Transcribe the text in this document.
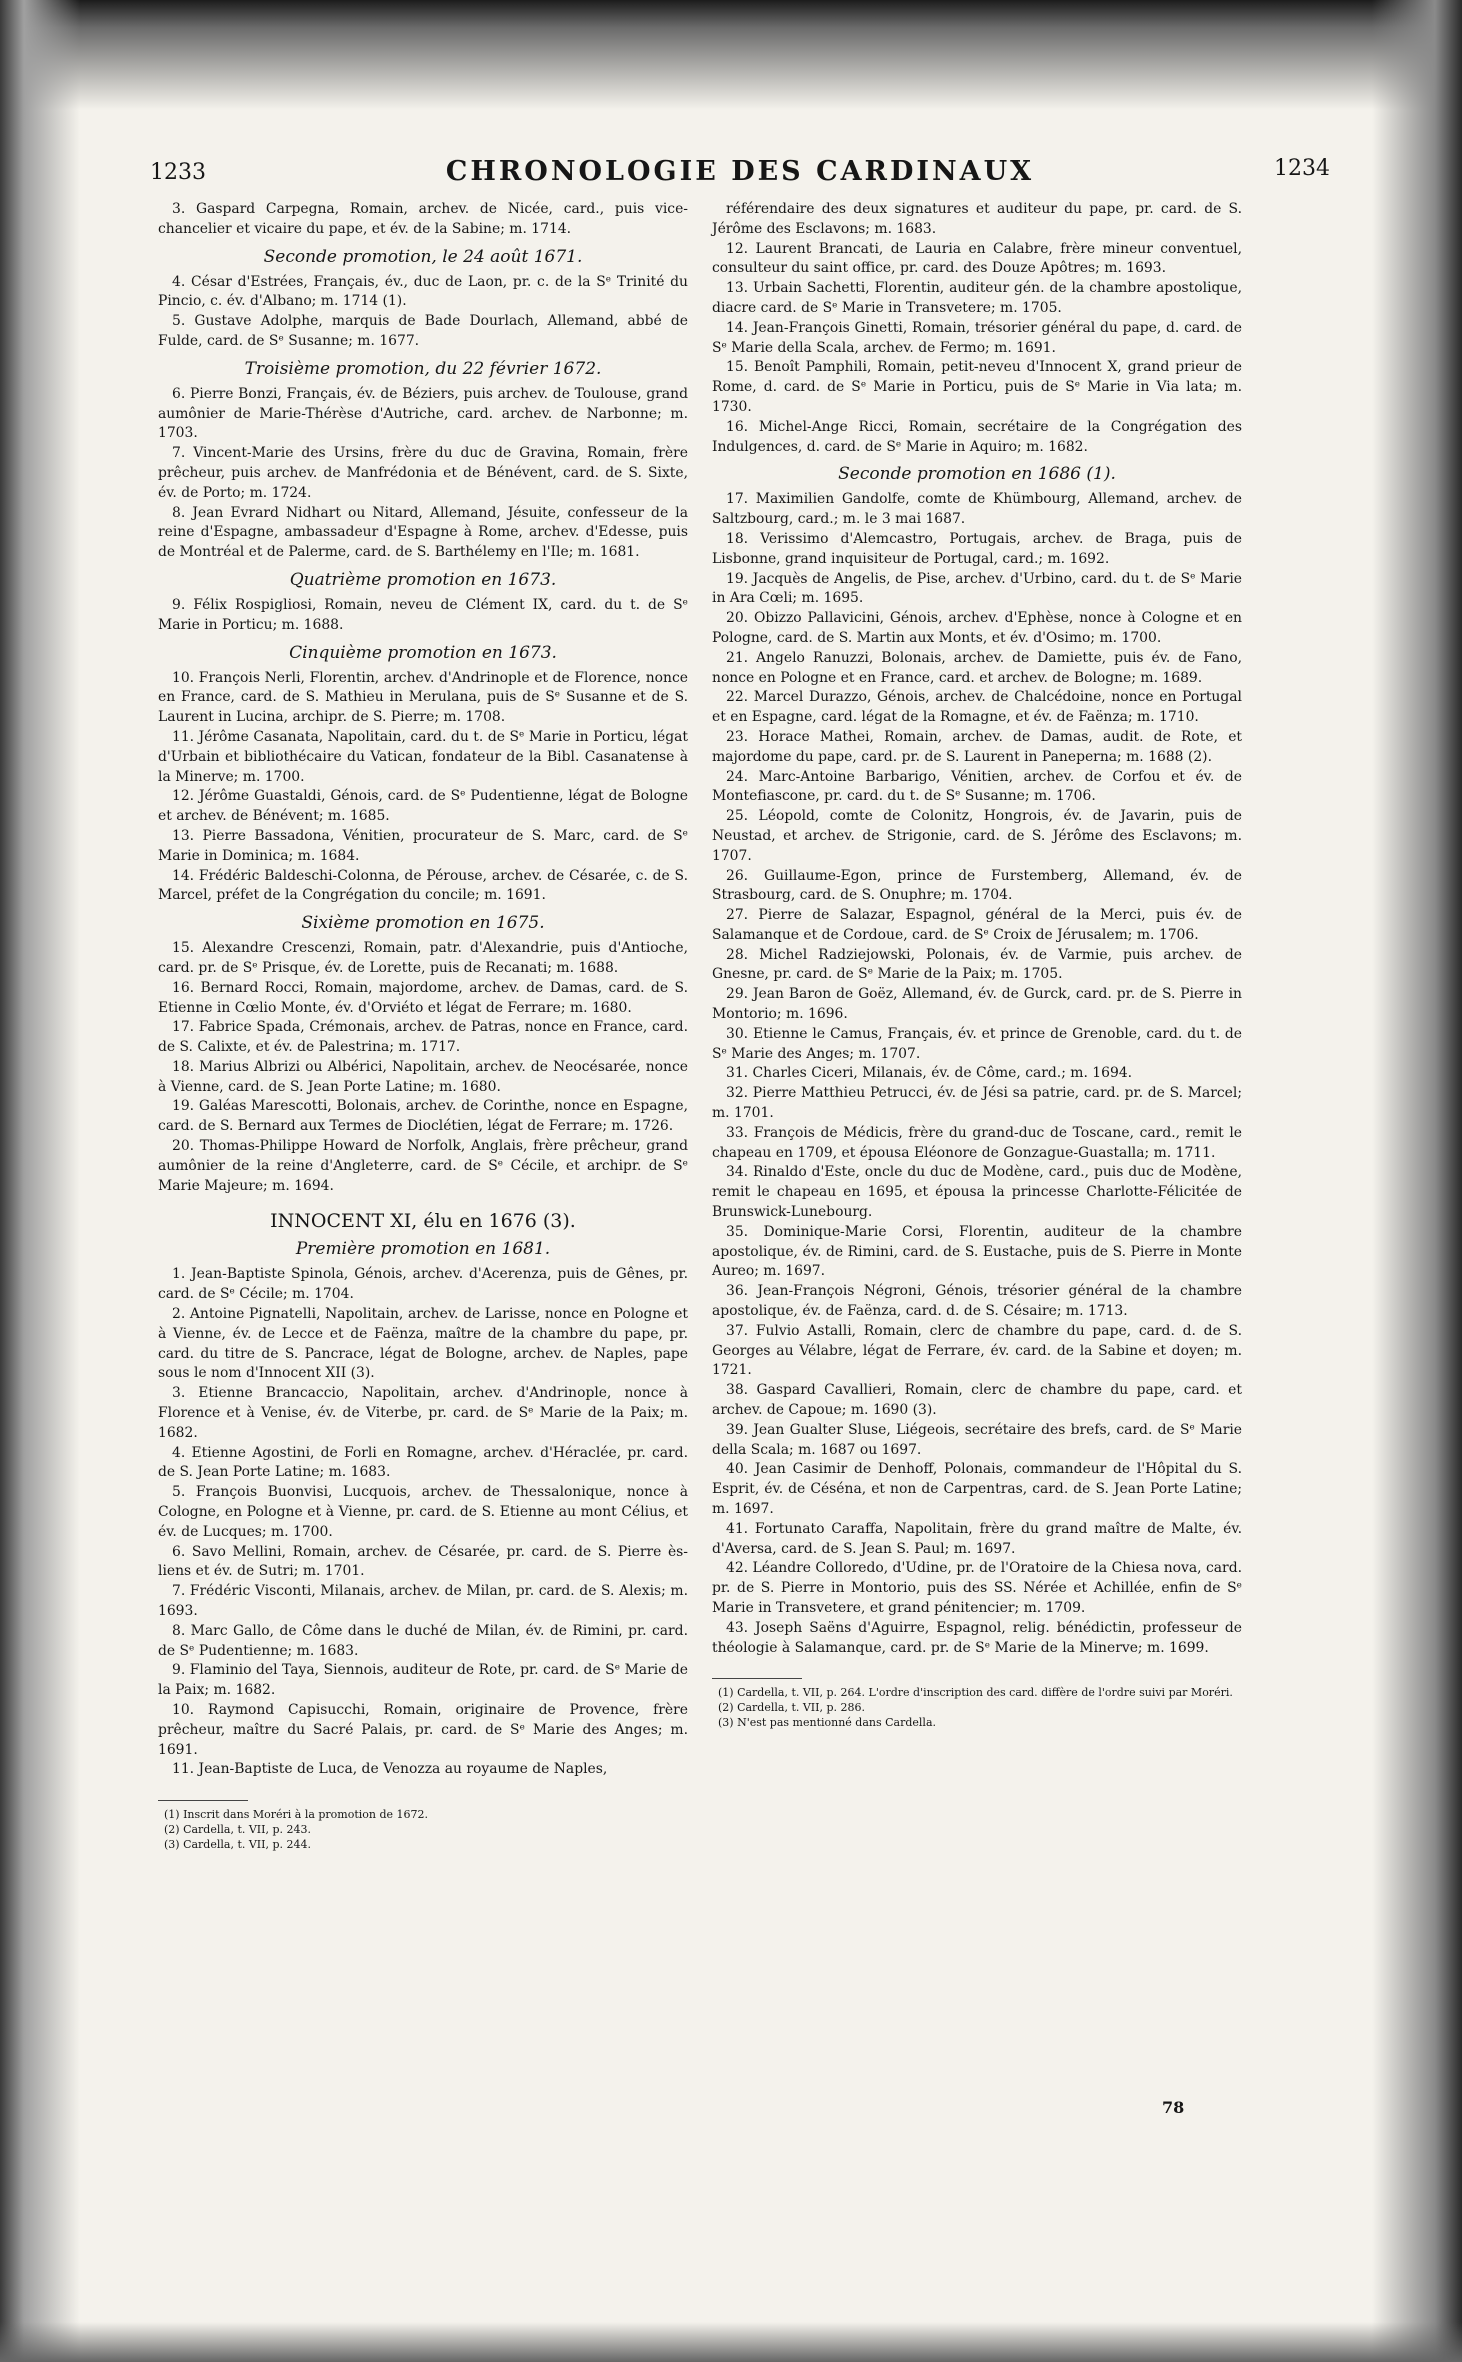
1233	CHRONOLOGIE DES CARDINAUX	1234

3. Gaspard Carpegna, Romain, archev. de Nicée, card., puis vice-chancelier et vicaire du pape, et év. de la Sabine; m. 1714.

Seconde promotion, le 24 août 1671.

4. César d'Estrées, Français, év., duc de Laon, pr. c. de la Sᵉ Trinité du Pincio, c. év. d'Albano; m. 1714 (1).

5. Gustave Adolphe, marquis de Bade Dourlach, Allemand, abbé de Fulde, card. de Sᵉ Susanne; m. 1677.

Troisième promotion, du 22 février 1672.

6. Pierre Bonzi, Français, év. de Béziers, puis archev. de Toulouse, grand aumônier de Marie-Thérèse d'Autriche, card. archev. de Narbonne; m. 1703.

7. Vincent-Marie des Ursins, frère du duc de Gravina, Romain, frère prêcheur, puis archev. de Manfrédonia et de Bénévent, card. de S. Sixte, év. de Porto; m. 1724.

8. Jean Evrard Nidhart ou Nitard, Allemand, Jésuite, confesseur de la reine d'Espagne, ambassadeur d'Espagne à Rome, archev. d'Edesse, puis de Montréal et de Palerme, card. de S. Barthélemy en l'Ile; m. 1681.

Quatrième promotion en 1673.

9. Félix Rospigliosi, Romain, neveu de Clément IX, card. du t. de Sᵉ Marie in Porticu; m. 1688.

Cinquième promotion en 1673.

10. François Nerli, Florentin, archev. d'Andrinople et de Florence, nonce en France, card. de S. Mathieu in Merulana, puis de Sᵉ Susanne et de S. Laurent in Lucina, archipr. de S. Pierre; m. 1708.

11. Jérôme Casanata, Napolitain, card. du t. de Sᵉ Marie in Porticu, légat d'Urbain et bibliothécaire du Vatican, fondateur de la Bibl. Casanatense à la Minerve; m. 1700.

12. Jérôme Guastaldi, Génois, card. de Sᵉ Pudentienne, légat de Bologne et archev. de Bénévent; m. 1685.

13. Pierre Bassadona, Vénitien, procurateur de S. Marc, card. de Sᵉ Marie in Dominica; m. 1684.

14. Frédéric Baldeschi-Colonna, de Pérouse, archev. de Césarée, c. de S. Marcel, préfet de la Congrégation du concile; m. 1691.

Sixième promotion en 1675.

15. Alexandre Crescenzi, Romain, patr. d'Alexandrie, puis d'Antioche, card. pr. de Sᵉ Prisque, év. de Lorette, puis de Recanati; m. 1688.

16. Bernard Rocci, Romain, majordome, archev. de Damas, card. de S. Etienne in Cœlio Monte, év. d'Orviéto et légat de Ferrare; m. 1680.

17. Fabrice Spada, Crémonais, archev. de Patras, nonce en France, card. de S. Calixte, et év. de Palestrina; m. 1717.

18. Marius Albrizi ou Albérici, Napolitain, archev. de Neocésarée, nonce à Vienne, card. de S. Jean Porte Latine; m. 1680.

19. Galéas Marescotti, Bolonais, archev. de Corinthe, nonce en Espagne, card. de S. Bernard aux Termes de Dioclétien, légat de Ferrare; m. 1726.

20. Thomas-Philippe Howard de Norfolk, Anglais, frère prêcheur, grand aumônier de la reine d'Angleterre, card. de Sᵉ Cécile, et archipr. de Sᵉ Marie Majeure; m. 1694.

INNOCENT XI, élu en 1676 (3).
Première promotion en 1681.

1. Jean-Baptiste Spinola, Génois, archev. d'Acerenza, puis de Gênes, pr. card. de Sᵉ Cécile; m. 1704.

2. Antoine Pignatelli, Napolitain, archev. de Larisse, nonce en Pologne et à Vienne, év. de Lecce et de Faënza, maître de la chambre du pape, pr. card. du titre de S. Pancrace, légat de Bologne, archev. de Naples, pape sous le nom d'Innocent XII (3).

3. Etienne Brancaccio, Napolitain, archev. d'Andrinople, nonce à Florence et à Venise, év. de Viterbe, pr. card. de Sᵉ Marie de la Paix; m. 1682.

4. Etienne Agostini, de Forli en Romagne, archev. d'Héraclée, pr. card. de S. Jean Porte Latine; m. 1683.

5. François Buonvisi, Lucquois, archev. de Thessalonique, nonce à Cologne, en Pologne et à Vienne, pr. card. de S. Etienne au mont Célius, et év. de Lucques; m. 1700.

6. Savo Mellini, Romain, archev. de Césarée, pr. card. de S. Pierre ès-liens et év. de Sutri; m. 1701.

7. Frédéric Visconti, Milanais, archev. de Milan, pr. card. de S. Alexis; m. 1693.

8. Marc Gallo, de Côme dans le duché de Milan, év. de Rimini, pr. card. de Sᵉ Pudentienne; m. 1683.

9. Flaminio del Taya, Siennois, auditeur de Rote, pr. card. de Sᵉ Marie de la Paix; m. 1682.

10. Raymond Capisucchi, Romain, originaire de Provence, frère prêcheur, maître du Sacré Palais, pr. card. de Sᵉ Marie des Anges; m. 1691.

11. Jean-Baptiste de Luca, de Venozza au royaume de Naples,

(1) Inscrit dans Moréri à la promotion de 1672.
(2) Cardella, t. VII, p. 243.
(3) Cardella, t. VII, p. 244.

référendaire des deux signatures et auditeur du pape, pr. card. de S. Jérôme des Esclavons; m. 1683.

12. Laurent Brancati, de Lauria en Calabre, frère mineur conventuel, consulteur du saint office, pr. card. des Douze Apôtres; m. 1693.

13. Urbain Sachetti, Florentin, auditeur gén. de la chambre apostolique, diacre card. de Sᵉ Marie in Transvetere; m. 1705.

14. Jean-François Ginetti, Romain, trésorier général du pape, d. card. de Sᵉ Marie della Scala, archev. de Fermo; m. 1691.

15. Benoît Pamphili, Romain, petit-neveu d'Innocent X, grand prieur de Rome, d. card. de Sᵉ Marie in Porticu, puis de Sᵉ Marie in Via lata; m. 1730.

16. Michel-Ange Ricci, Romain, secrétaire de la Congrégation des Indulgences, d. card. de Sᵉ Marie in Aquiro; m. 1682.

Seconde promotion en 1686 (1).

17. Maximilien Gandolfe, comte de Khümbourg, Allemand, archev. de Saltzbourg, card.; m. le 3 mai 1687.

18. Verissimo d'Alemcastro, Portugais, archev. de Braga, puis de Lisbonne, grand inquisiteur de Portugal, card.; m. 1692.

19. Jacquès de Angelis, de Pise, archev. d'Urbino, card. du t. de Sᵉ Marie in Ara Cœli; m. 1695.

20. Obizzo Pallavicini, Génois, archev. d'Ephèse, nonce à Cologne et en Pologne, card. de S. Martin aux Monts, et év. d'Osimo; m. 1700.

21. Angelo Ranuzzi, Bolonais, archev. de Damiette, puis év. de Fano, nonce en Pologne et en France, card. et archev. de Bologne; m. 1689.

22. Marcel Durazzo, Génois, archev. de Chalcédoine, nonce en Portugal et en Espagne, card. légat de la Romagne, et év. de Faënza; m. 1710.

23. Horace Mathei, Romain, archev. de Damas, audit. de Rote, et majordome du pape, card. pr. de S. Laurent in Panepernа; m. 1688 (2).

24. Marc-Antoine Barbarigo, Vénitien, archev. de Corfou et év. de Montefiascone, pr. card. du t. de Sᵉ Susanne; m. 1706.

25. Léopold, comte de Colonitz, Hongrois, év. de Javarin, puis de Neustad, et archev. de Strigonie, card. de S. Jérôme des Esclavons; m. 1707.

26. Guillaume-Egon, prince de Furstemberg, Allemand, év. de Strasbourg, card. de S. Onuphre; m. 1704.

27. Pierre de Salazar, Espagnol, général de la Merci, puis év. de Salamanque et de Cordoue, card. de Sᵉ Croix de Jérusalem; m. 1706.

28. Michel Radziejowski, Polonais, év. de Varmie, puis archev. de Gnesne, pr. card. de Sᵉ Marie de la Paix; m. 1705.

29. Jean Baron de Goëz, Allemand, év. de Gurck, card. pr. de S. Pierre in Montorio; m. 1696.

30. Etienne le Camus, Français, év. et prince de Grenoble, card. du t. de Sᵉ Marie des Anges; m. 1707.

31. Charles Ciceri, Milanais, év. de Côme, card.; m. 1694.

32. Pierre Matthieu Petrucci, év. de Jési sa patrie, card. pr. de S. Marcel; m. 1701.

33. François de Médicis, frère du grand-duc de Toscane, card., remit le chapeau en 1709, et épousa Eléonore de Gonzague-Guastalla; m. 1711.

34. Rinaldo d'Este, oncle du duc de Modène, card., puis duc de Modène, remit le chapeau en 1695, et épousa la princesse Charlotte-Félicitée de Brunswick-Lunebourg.

35. Dominique-Marie Corsi, Florentin, auditeur de la chambre apostolique, év. de Rimini, card. de S. Eustache, puis de S. Pierre in Monte Aureo; m. 1697.

36. Jean-François Négroni, Génois, trésorier général de la chambre apostolique, év. de Faënza, card. d. de S. Césaire; m. 1713.

37. Fulvio Astalli, Romain, clerc de chambre du pape, card. d. de S. Georges au Vélabre, légat de Ferrare, év. card. de la Sabine et doyen; m. 1721.

38. Gaspard Cavallieri, Romain, clerc de chambre du pape, card. et archev. de Capoue; m. 1690 (3).

39. Jean Gualter Sluse, Liégeois, secrétaire des brefs, card. de Sᵉ Marie della Scala; m. 1687 ou 1697.

40. Jean Casimir de Denhoff, Polonais, commandeur de l'Hôpital du S. Esprit, év. de Céséna, et non de Carpentras, card. de S. Jean Porte Latine; m. 1697.

41. Fortunato Caraffa, Napolitain, frère du grand maître de Malte, év. d'Aversa, card. de S. Jean S. Paul; m. 1697.

42. Léandre Colloredo, d'Udine, pr. de l'Oratoire de la Chiesa nova, card. pr. de S. Pierre in Montorio, puis des SS. Nérée et Achillée, enfin de Sᵉ Marie in Transvetere, et grand pénitencier; m. 1709.

43. Joseph Saëns d'Aguirre, Espagnol, relig. bénédictin, professeur de théologie à Salamanque, card. pr. de Sᵉ Marie de la Minerve; m. 1699.

(1) Cardella, t. VII, p. 264. L'ordre d'inscription des card. diffère de l'ordre suivi par Moréri.
(2) Cardella, t. VII, p. 286.
(3) N'est pas mentionné dans Cardella.
78
